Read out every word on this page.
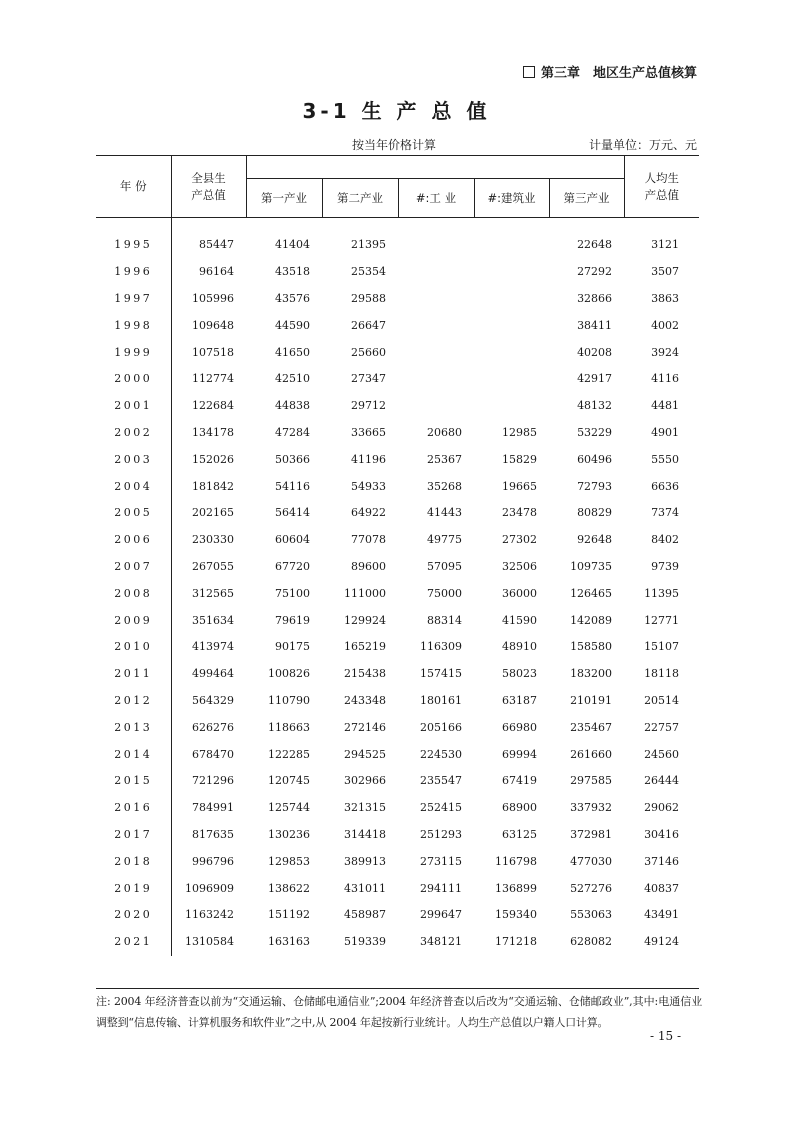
第三章　地区生产总值核算
3-1 生 产 总 值
按当年价格计算	计量单位：万元、元
年 份	全县生
产总值						人均生
产总值
		第一产业	第二产业	#:工 业	#:建筑业	第三产业	
1995	85447	41404	21395			22648	3121
1996	96164	43518	25354			27292	3507
1997	105996	43576	29588			32866	3863
1998	109648	44590	26647			38411	4002
1999	107518	41650	25660			40208	3924
2000	112774	42510	27347			42917	4116
2001	122684	44838	29712			48132	4481
2002	134178	47284	33665	20680	12985	53229	4901
2003	152026	50366	41196	25367	15829	60496	5550
2004	181842	54116	54933	35268	19665	72793	6636
2005	202165	56414	64922	41443	23478	80829	7374
2006	230330	60604	77078	49775	27302	92648	8402
2007	267055	67720	89600	57095	32506	109735	9739
2008	312565	75100	111000	75000	36000	126465	11395
2009	351634	79619	129924	88314	41590	142089	12771
2010	413974	90175	165219	116309	48910	158580	15107
2011	499464	100826	215438	157415	58023	183200	18118
2012	564329	110790	243348	180161	63187	210191	20514
2013	626276	118663	272146	205166	66980	235467	22757
2014	678470	122285	294525	224530	69994	261660	24560
2015	721296	120745	302966	235547	67419	297585	26444
2016	784991	125744	321315	252415	68900	337932	29062
2017	817635	130236	314418	251293	63125	372981	30416
2018	996796	129853	389913	273115	116798	477030	37146
2019	1096909	138622	431011	294111	136899	527276	40837
2020	1163242	151192	458987	299647	159340	553063	43491
2021	1310584	163163	519339	348121	171218	628082	49124
注: 2004 年经济普查以前为“交通运输、仓储邮电通信业”;2004 年经济普查以后改为“交通运输、仓储邮政业”,其中:电通信业调整到“信息传输、计算机服务和软件业”之中,从 2004 年起按新行业统计。人均生产总值以户籍人口计算。
- 15 -
